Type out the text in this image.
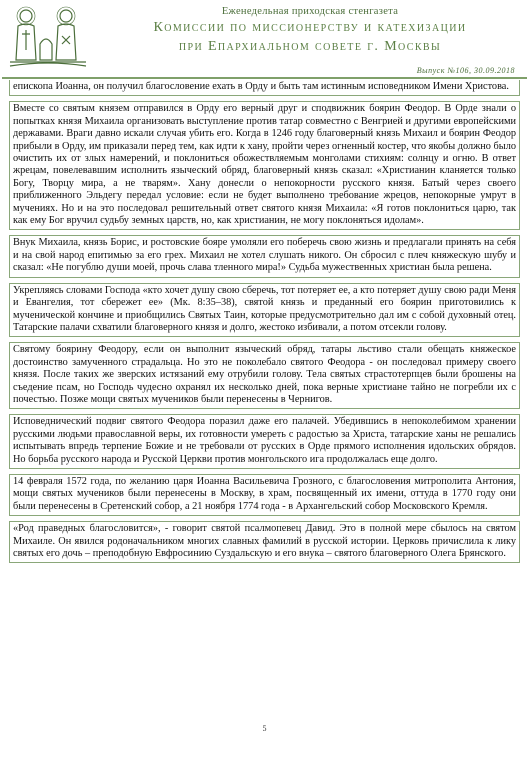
Еженедельная приходская стенгазета
Комиссии по миссионерству и катехизации
при Епархиальном совете г. Москвы
Выпуск №106, 30.09.2018

епископа Иоанна, он получил благословение ехать в Орду и быть там истинным исповедником Имени Христова.

Вместе со святым князем отправился в Орду его верный друг и сподвижник боярин Феодор. В Орде знали о попытках князя Михаила организовать выступление против татар совместно с Венгрией и другими европейскими державами. Враги давно искали случая убить его. Когда в 1246 году благоверный князь Михаил и боярин Феодор прибыли в Орду, им приказали перед тем, как идти к хану, пройти через огненный костер, что якобы должно было очистить их от злых намерений, и поклониться обожествляемым монголами стихиям: солнцу и огню. В ответ жрецам, повелевавшим исполнить языческий обряд, благоверный князь сказал: «Христианин кланяется только Богу, Творцу мира, а не тварям». Хану донесли о непокорности русского князя. Батый через своего приближенного Эльдегу передал условие: если не будет выполнено требование жрецов, непокорные умрут в мучениях. Но и на это последовал решительный ответ святого князя Михаила: «Я готов поклониться царю, так как ему Бог вручил судьбу земных царств, но, как христианин, не могу поклоняться идолам».

Внук Михаила, князь Борис, и ростовские бояре умоляли его поберечь свою жизнь и предлагали принять на себя и на свой народ епитимью за его грех. Михаил не хотел слушать никого. Он сбросил с плеч княжескую шубу и сказал: «Не погублю души моей, прочь слава тленного мира!» Судьба мужественных христиан была решена.

Укрепляясь словами Господа «кто хочет душу свою сберечь, тот потеряет ее, а кто потеряет душу свою ради Меня и Евангелия, тот сбережет ее» (Мк. 8:35–38), святой князь и преданный его боярин приготовились к мученической кончине и приобщились Святых Таин, которые предусмотрительно дал им с собой духовный отец. Татарские палачи схватили благоверного князя и долго, жестоко избивали, а потом отсекли голову.

Святому боярину Феодору, если он выполнит языческий обряд, татары льстиво стали обещать княжеское достоинство замученного страдальца. Но это не поколебало святого Феодора - он последовал примеру своего князя. После таких же зверских истязаний ему отрубили голову. Тела святых страстотерпцев были брошены на съедение псам, но Господь чудесно охранял их несколько дней, пока верные христиане тайно не погребли их с почестью. Позже мощи святых мучеников были перенесены в Чернигов.

Исповеднический подвиг святого Феодора поразил даже его палачей. Убедившись в непоколебимом хранении русскими людьми православной веры, их готовности умереть с радостью за Христа, татарские ханы не решались испытывать впредь терпение Божие и не требовали от русских в Орде прямого исполнения идольских обрядов. Но борьба русского народа и Русской Церкви против монгольского ига продолжалась еще долго.

14 февраля 1572 года, по желанию царя Иоанна Васильевича Грозного, с благословения митрополита Антония, мощи святых мучеников были перенесены в Москву, в храм, посвященный их имени, оттуда в 1770 году они были перенесены в Сретенский собор, а 21 ноября 1774 года - в Архангельский собор Московского Кремля.

«Род праведных благословится», - говорит святой псалмопевец Давид. Это в полной мере сбылось на святом Михаиле. Он явился родоначальником многих славных фамилий в русской истории. Церковь причислила к лику святых его дочь – преподобную Евфросинию Суздальскую и его внука – святого благоверного Олега Брянского.

5
